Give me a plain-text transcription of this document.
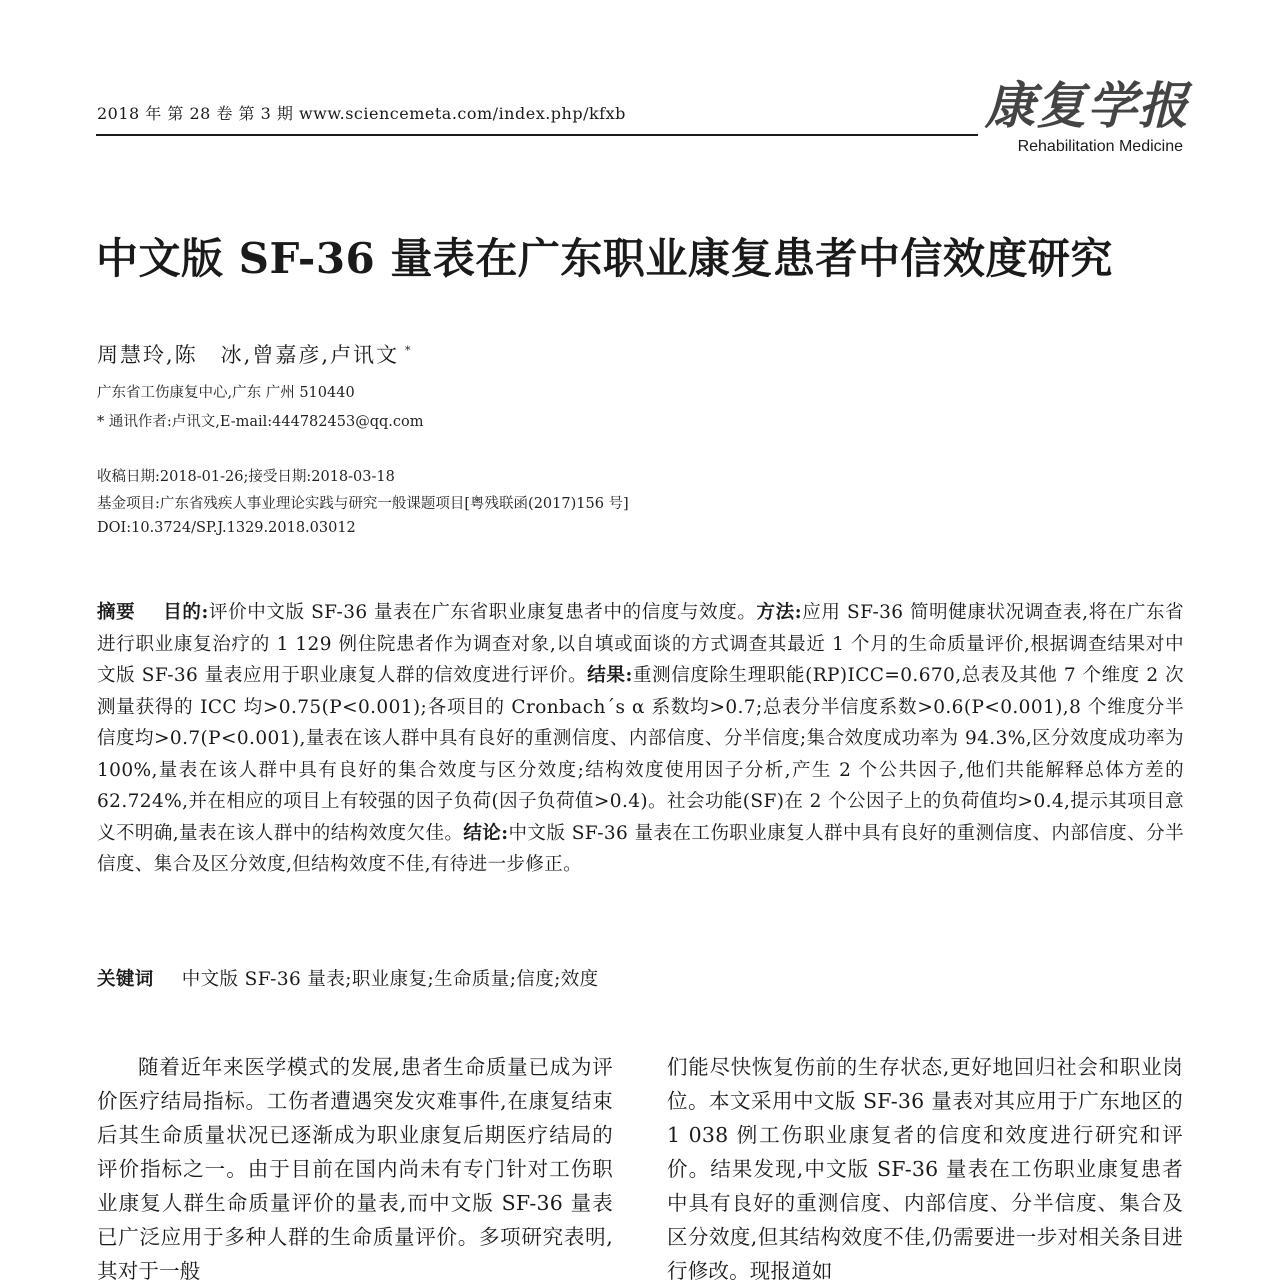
2018 年 第 28 卷 第 3 期 www.sciencemeta.com/index.php/kfxb	康复学报
Rehabilitation Medicine
中文版 SF-36 量表在广东职业康复患者中信效度研究
周慧玲,陈　冰,曾嘉彦,卢讯文 *
广东省工伤康复中心,广东 广州 510440
* 通讯作者:卢讯文,E-mail:444782453@qq.com
收稿日期:2018-01-26;接受日期:2018-03-18
基金项目:广东省残疾人事业理论实践与研究一般课题项目[粤残联函(2017)156 号]
DOI:10.3724/SP.J.1329.2018.03012

摘要 目的:评价中文版 SF-36 量表在广东省职业康复患者中的信度与效度。方法:应用 SF-36 简明健康状况调查表,将在广东省进行职业康复治疗的 1 129 例住院患者作为调查对象,以自填或面谈的方式调查其最近 1 个月的生命质量评价,根据调查结果对中文版 SF-36 量表应用于职业康复人群的信效度进行评价。结果:重测信度除生理职能(RP)ICC=0.670,总表及其他 7 个维度 2 次测量获得的 ICC 均>0.75(P<0.001);各项目的 Cronbach´s α 系数均>0.7;总表分半信度系数>0.6(P<0.001),8 个维度分半信度均>0.7(P<0.001),量表在该人群中具有良好的重测信度、内部信度、分半信度;集合效度成功率为 94.3%,区分效度成功率为 100%,量表在该人群中具有良好的集合效度与区分效度;结构效度使用因子分析,产生 2 个公共因子,他们共能解释总体方差的 62.724%,并在相应的项目上有较强的因子负荷(因子负荷值>0.4)。社会功能(SF)在 2 个公因子上的负荷值均>0.4,提示其项目意义不明确,量表在该人群中的结构效度欠佳。结论:中文版 SF-36 量表在工伤职业康复人群中具有良好的重测信度、内部信度、分半信度、集合及区分效度,但结构效度不佳,有待进一步修正。

关键词 中文版 SF-36 量表;职业康复;生命质量;信度;效度

随着近年来医学模式的发展,患者生命质量已成为评价医疗结局指标。工伤者遭遇突发灾难事件,在康复结束后其生命质量状况已逐渐成为职业康复后期医疗结局的评价指标之一。由于目前在国内尚未有专门针对工伤职业康复人群生命质量评价的量表,而中文版 SF-36 量表已广泛应用于多种人群的生命质量评价。多项研究表明,其对于一般

们能尽快恢复伤前的生存状态,更好地回归社会和职业岗位。本文采用中文版 SF-36 量表对其应用于广东地区的 1 038 例工伤职业康复者的信度和效度进行研究和评价。结果发现,中文版 SF-36 量表在工伤职业康复患者中具有良好的重测信度、内部信度、分半信度、集合及区分效度,但其结构效度不佳,仍需要进一步对相关条目进行修改。现报道如
